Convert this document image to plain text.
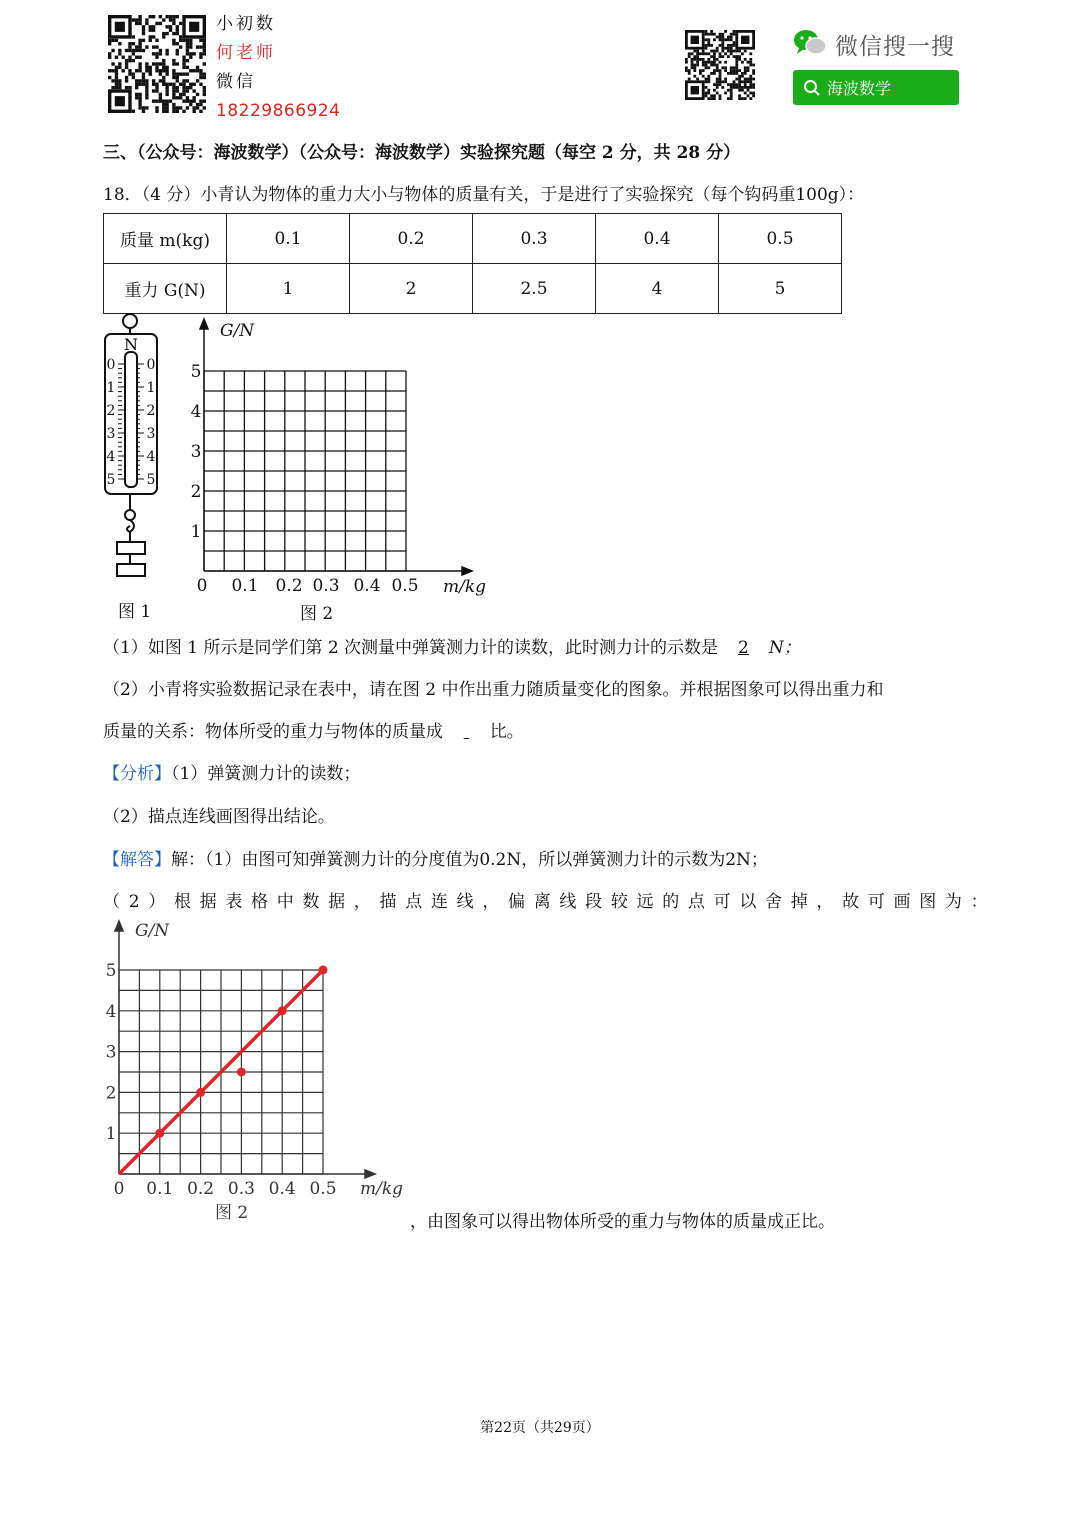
小初数
何老师
微信
18229866924
微信搜一搜
海波数学
三、（公众号：海波数学）（公众号：海波数学）实验探究题（每空 2 分，共 28 分）
18．（4 分）小青认为物体的重力大小与物体的质量有关，于是进行了实验探究（每个钩码重100g）：
质量 m(kg)	0.1	0.2	0.3	0.4	0.5
重力 G(N)	1	2	2.5	4	5
N
0
1
2
3
4
5
0
1
2
3
4
5
图 1
G/N
m/kg
0
1
2
3
4
5
0.1 0.2 0.3 0.4 0.5
图 2
（1）如图 1 所示是同学们第 2 次测量中弹簧测力计的读数，此时测力计的示数是 2 N；
（2）小青将实验数据记录在表中，请在图 2 中作出重力随质量变化的图象。并根据图象可以得出重力和
质量的关系：物体所受的重力与物体的质量成	比。
【分析】（1）弹簧测力计的读数；
（2）描点连线画图得出结论。
【解答】解：（1）由图可知弹簧测力计的分度值为0.2N，所以弹簧测力计的示数为2N；
（2）根据表格中数据，描点连线，偏离线段较远的点可以舍掉，故可画图为：
G/N
m/kg
图 2
0 0.1 0.2 0.3 0.4 0.5
1
2
3
4
5
，由图象可以得出物体所受的重力与物体的质量成正比。
第22页（共29页）
